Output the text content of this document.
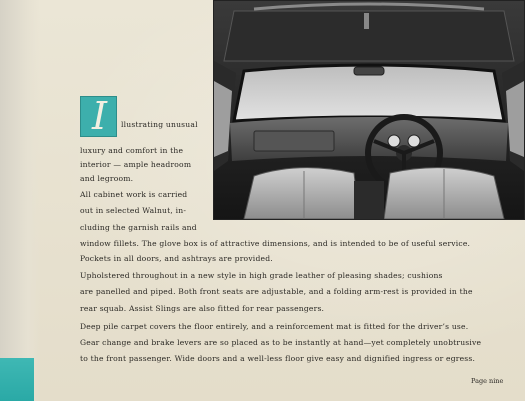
I	llustrating unusual
luxury and comfort in the
interior — ample headroom
and legroom.
All cabinet work is carried
out in selected Walnut, in-
cluding the garnish rails and
window fillets. The glove box is of attractive dimensions, and is intended to be of useful service.
Pockets in all doors, and ashtrays are provided.
Upholstered throughout in a new style in high grade leather of pleasing shades; cushions
are panelled and piped. Both front seats are adjustable, and a folding arm-rest is provided in the
rear squab. Assist Slings are also fitted for rear passengers.
Deep pile carpet covers the floor entirely, and a reinforcement mat is fitted for the driver’s use.
Gear change and brake levers are so placed as to be instantly at hand—yet completely unobtrusive
to the front passenger. Wide doors and a well-less floor give easy and dignified ingress or egress.
Page nine
